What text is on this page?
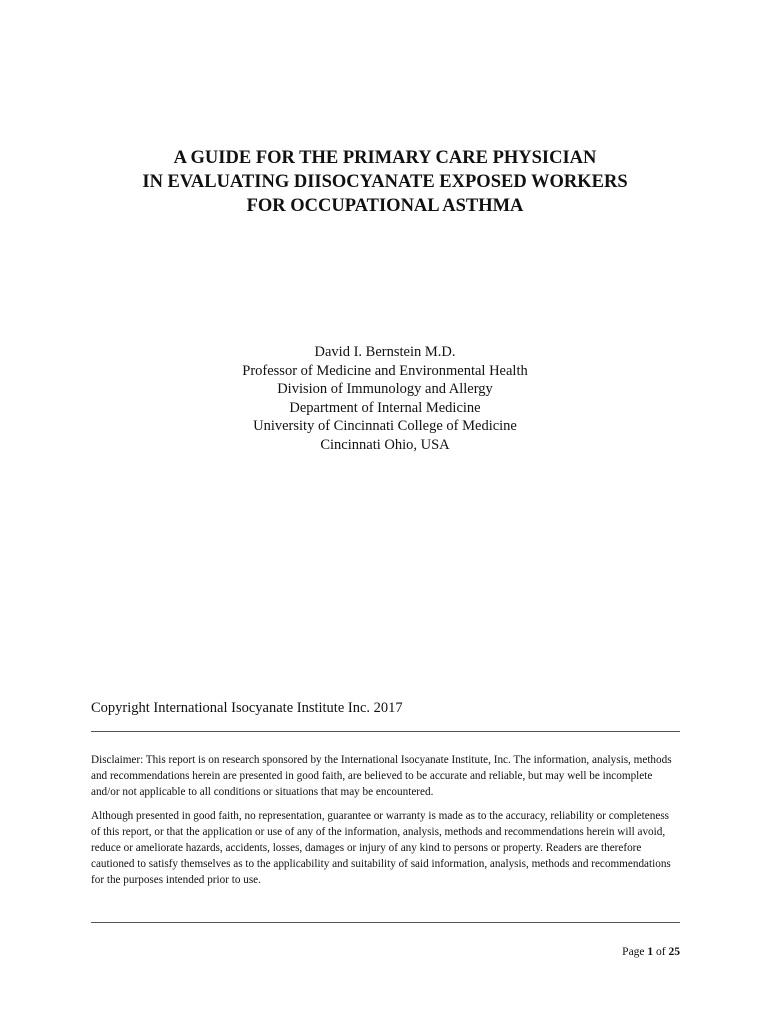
A GUIDE FOR THE PRIMARY CARE PHYSICIAN
IN EVALUATING DIISOCYANATE EXPOSED WORKERS
FOR OCCUPATIONAL ASTHMA
David I. Bernstein M.D.
Professor of Medicine and Environmental Health
Division of Immunology and Allergy
Department of Internal Medicine
University of Cincinnati College of Medicine
Cincinnati Ohio, USA
Copyright International Isocyanate Institute Inc. 2017

Disclaimer: This report is on research sponsored by the International Isocyanate Institute, Inc. The information, analysis, methods and recommendations herein are presented in good faith, are believed to be accurate and reliable, but may well be incomplete and/or not applicable to all conditions or situations that may be encountered.

Although presented in good faith, no representation, guarantee or warranty is made as to the accuracy, reliability or completeness of this report, or that the application or use of any of the information, analysis, methods and recommendations herein will avoid, reduce or ameliorate hazards, accidents, losses, damages or injury of any kind to persons or property. Readers are therefore cautioned to satisfy themselves as to the applicability and suitability of said information, analysis, methods and recommendations for the purposes intended prior to use.

Page 1 of 25
